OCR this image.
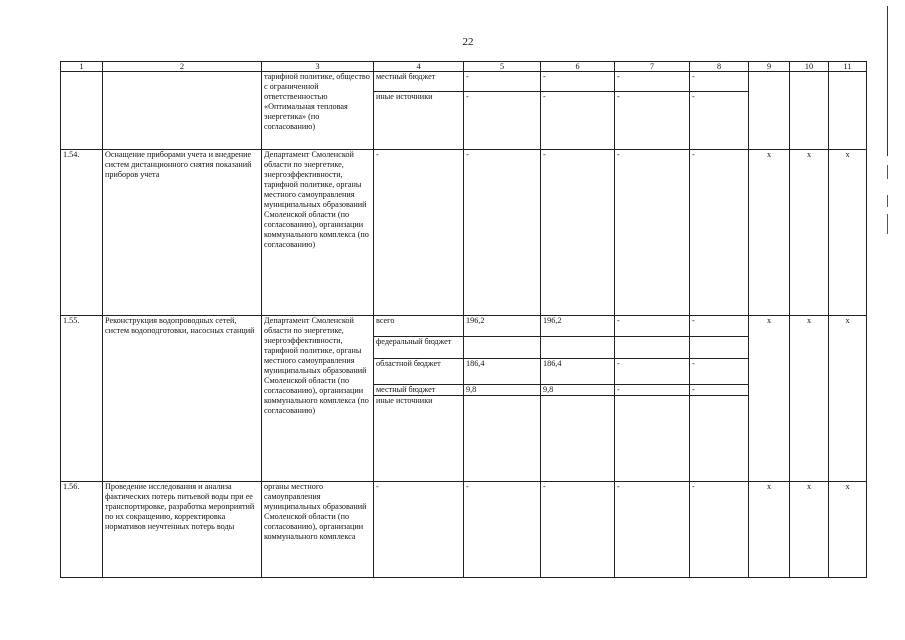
22
1	2	3	4	5	6	7	8	9	10	11
		тарифной политике, общество с ограниченной ответственностью «Оптимальная тепловая энергетика» (по согласованию)	местный бюджет	-	-	-	-			
			иные источники	-	-	-	-			
1.54.	Оснащение приборами учета и внедрение систем дистанционного снятия показаний приборов учета	Департамент Смоленской области по энергетике, энергоэффективности, тарифной политике, органы местного самоуправления муниципальных образований Смоленской области (по согласованию), организации коммунального комплекса (по согласованию)	-	-	-	-	-	х	х	х
1.55.	Реконструкция водопроводных сетей, систем водоподготовки, насосных станций	Департамент Смоленской области по энергетике, энергоэффективности, тарифной политике, органы местного самоуправления муниципальных образований Смоленской области (по согласованию), организации коммунального комплекса (по согласованию)	всего	196,2	196,2	-	-	х	х	х
			федеральный бюджет							
			областной бюджет	186,4	186,4	-	-			
			местный бюджет	9,8	9,8	-	-			
			иные источники							
1.56.	Проведение исследования и анализа фактических потерь питьевой воды при ее транспортировке, разработка мероприятий по их сокращению, корректировка нормативов неучтенных потерь воды	органы местного самоуправления муниципальных образований Смоленской области (по согласованию), организации коммунального комплекса	-	-	-	-	-	х	х	х
